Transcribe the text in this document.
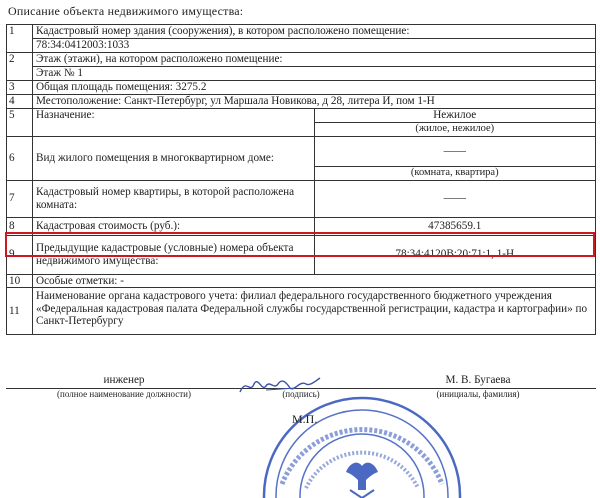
Описание объекта недвижимого имущества:
1	Кадастровый номер здания (сооружения), в котором расположено помещение:	
	78:34:0412003:1033	
2	Этаж (этажи), на котором расположено помещение:	
	Этаж № 1	
3	Общая площадь помещения: 3275.2	
4	Местоположение: Санкт-Петербург, ул Маршала Новикова, д 28, литера И, пом 1-Н	
5	Назначение:	Нежилое
		(жилое, нежилое)
6	Вид жилого помещения в многоквартирном доме:	——
		(комната, квартира)
7	Кадастровый номер квартиры, в которой расположена комната:	——
8	Кадастровая стоимость (руб.):	47385659.1
9	Предыдущие кадастровые (условные) номера объекта недвижимого имущества:	78:34:4120В:20:71:1, 1-Н
10	Особые отметки: -	
11	Наименование органа кадастрового учета: филиал федерального государственного бюджетного учреждения «Федеральная кадастровая палата Федеральной службы государственной регистрации, кадастра и картографии» по Санкт-Петербургу	
инженер		М. В. Бугаева
(полное наименование должности)	(подпись)	(инициалы, фамилия)
М.П.
